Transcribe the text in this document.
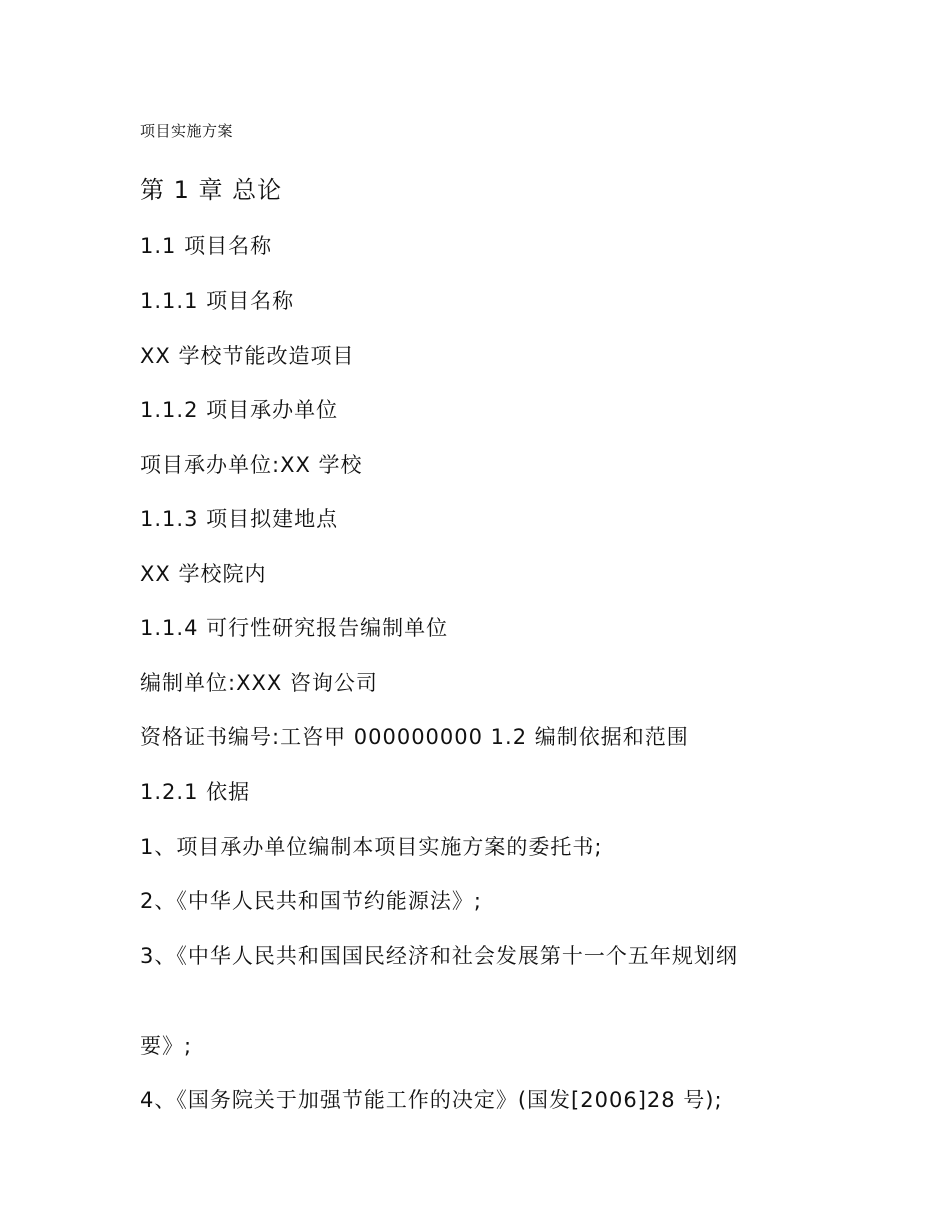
项目实施方案
第 1 章 总论
1.1 项目名称
1.1.1 项目名称
XX 学校节能改造项目
1.1.2 项目承办单位
项目承办单位:XX 学校
1.1.3 项目拟建地点
XX 学校院内
1.1.4 可行性研究报告编制单位
编制单位:XXX 咨询公司
资格证书编号:工咨甲 000000000 1.2 编制依据和范围
1.2.1 依据
1、项目承办单位编制本项目实施方案的委托书;
2、《中华人民共和国节约能源法》;
3、《中华人民共和国国民经济和社会发展第十一个五年规划纲
要》;
4、《国务院关于加强节能工作的决定》(国发[2006]28 号);
